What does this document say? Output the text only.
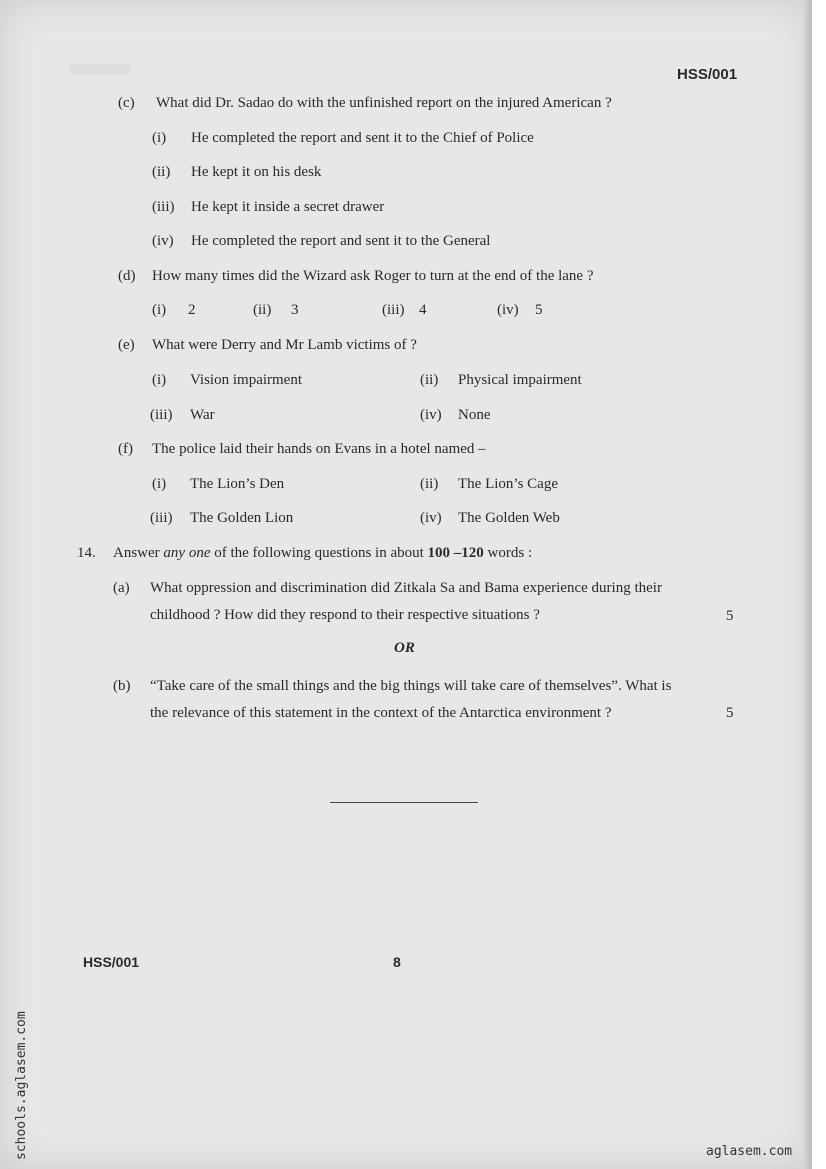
HSS/001
(c) What did Dr. Sadao do with the unfinished report on the injured American ?
(i) He completed the report and sent it to the Chief of Police
(ii) He kept it on his desk
(iii) He kept it inside a secret drawer
(iv) He completed the report and sent it to the General
(d) How many times did the Wizard ask Roger to turn at the end of the lane ?
(i) 2	(ii) 3	(iii) 4	(iv) 5
(e) What were Derry and Mr Lamb victims of ?
(i) Vision impairment	(ii) Physical impairment
(iii) War	(iv) None
(f) The police laid their hands on Evans in a hotel named –
(i) The Lion’s Den	(ii) The Lion’s Cage
(iii) The Golden Lion	(iv) The Golden Web
14. Answer any one of the following questions in about 100 –120 words :
(a) What oppression and discrimination did Zitkala Sa and Bama experience during their
childhood ? How did they respond to their respective situations ?	5
OR
(b) “Take care of the small things and the big things will take care of themselves”. What is
the relevance of this statement in the context of the Antarctica environment ?	5
HSS/001	8
schools.aglasem.com	aglasem.com
